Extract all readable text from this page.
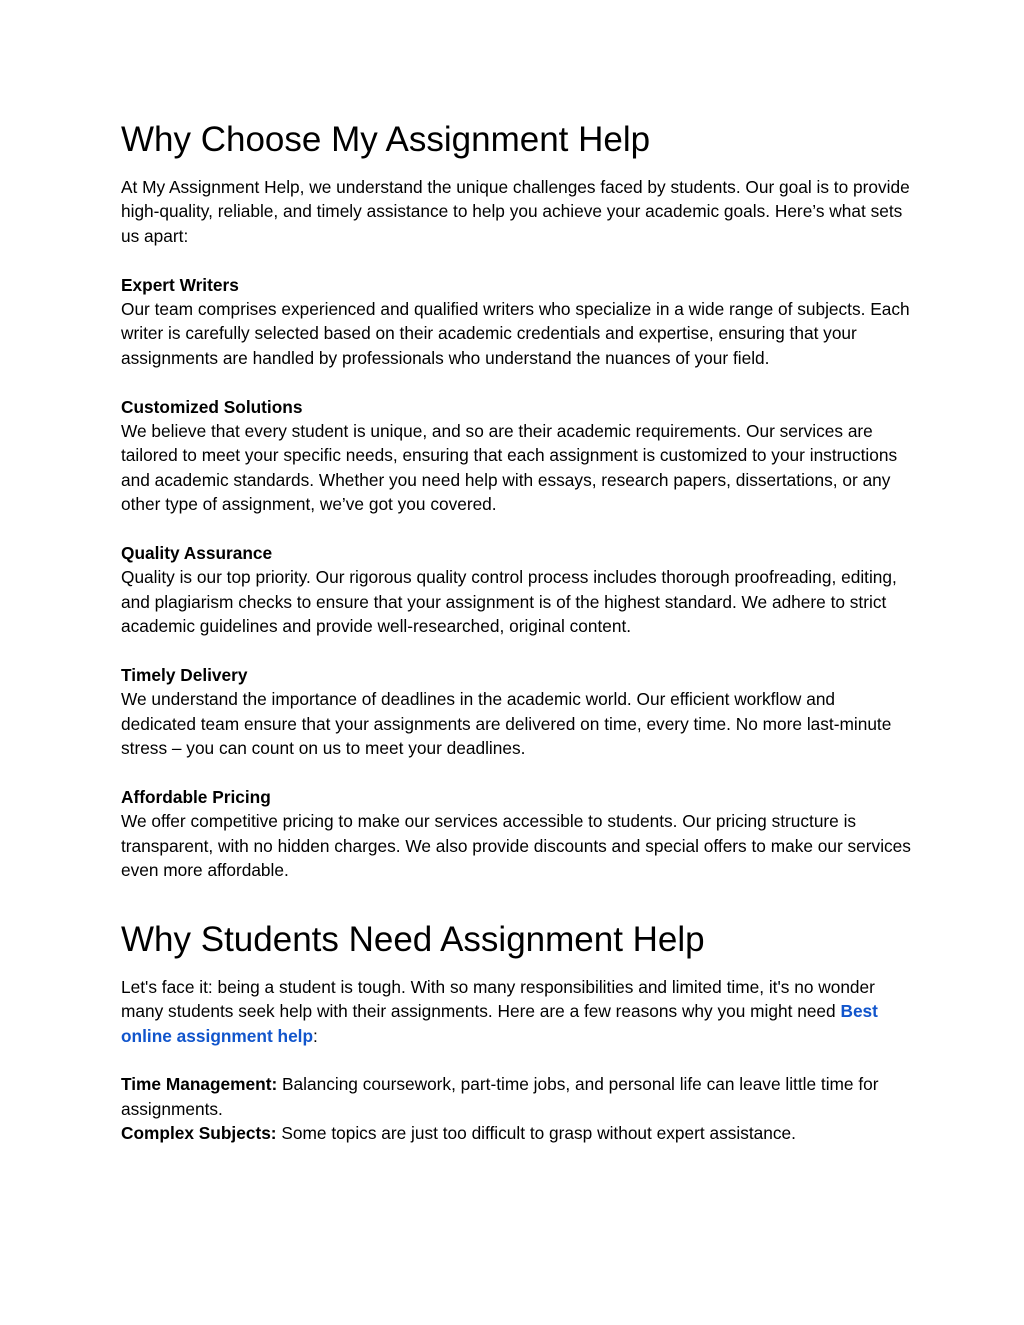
Why Choose My Assignment Help

At My Assignment Help, we understand the unique challenges faced by students. Our goal is to provide high-quality, reliable, and timely assistance to help you achieve your academic goals. Here’s what sets us apart:

Expert Writers
Our team comprises experienced and qualified writers who specialize in a wide range of subjects. Each writer is carefully selected based on their academic credentials and expertise, ensuring that your assignments are handled by professionals who understand the nuances of your field.

Customized Solutions
We believe that every student is unique, and so are their academic requirements. Our services are tailored to meet your specific needs, ensuring that each assignment is customized to your instructions and academic standards. Whether you need help with essays, research papers, dissertations, or any other type of assignment, we’ve got you covered.

Quality Assurance
Quality is our top priority. Our rigorous quality control process includes thorough proofreading, editing, and plagiarism checks to ensure that your assignment is of the highest standard. We adhere to strict academic guidelines and provide well-researched, original content.

Timely Delivery
We understand the importance of deadlines in the academic world. Our efficient workflow and dedicated team ensure that your assignments are delivered on time, every time. No more last-minute stress – you can count on us to meet your deadlines.

Affordable Pricing
We offer competitive pricing to make our services accessible to students. Our pricing structure is transparent, with no hidden charges. We also provide discounts and special offers to make our services even more affordable.

Why Students Need Assignment Help

Let's face it: being a student is tough. With so many responsibilities and limited time, it's no wonder many students seek help with their assignments. Here are a few reasons why you might need Best online assignment help:

Time Management: Balancing coursework, part-time jobs, and personal life can leave little time for assignments.

Complex Subjects: Some topics are just too difficult to grasp without expert assistance.
